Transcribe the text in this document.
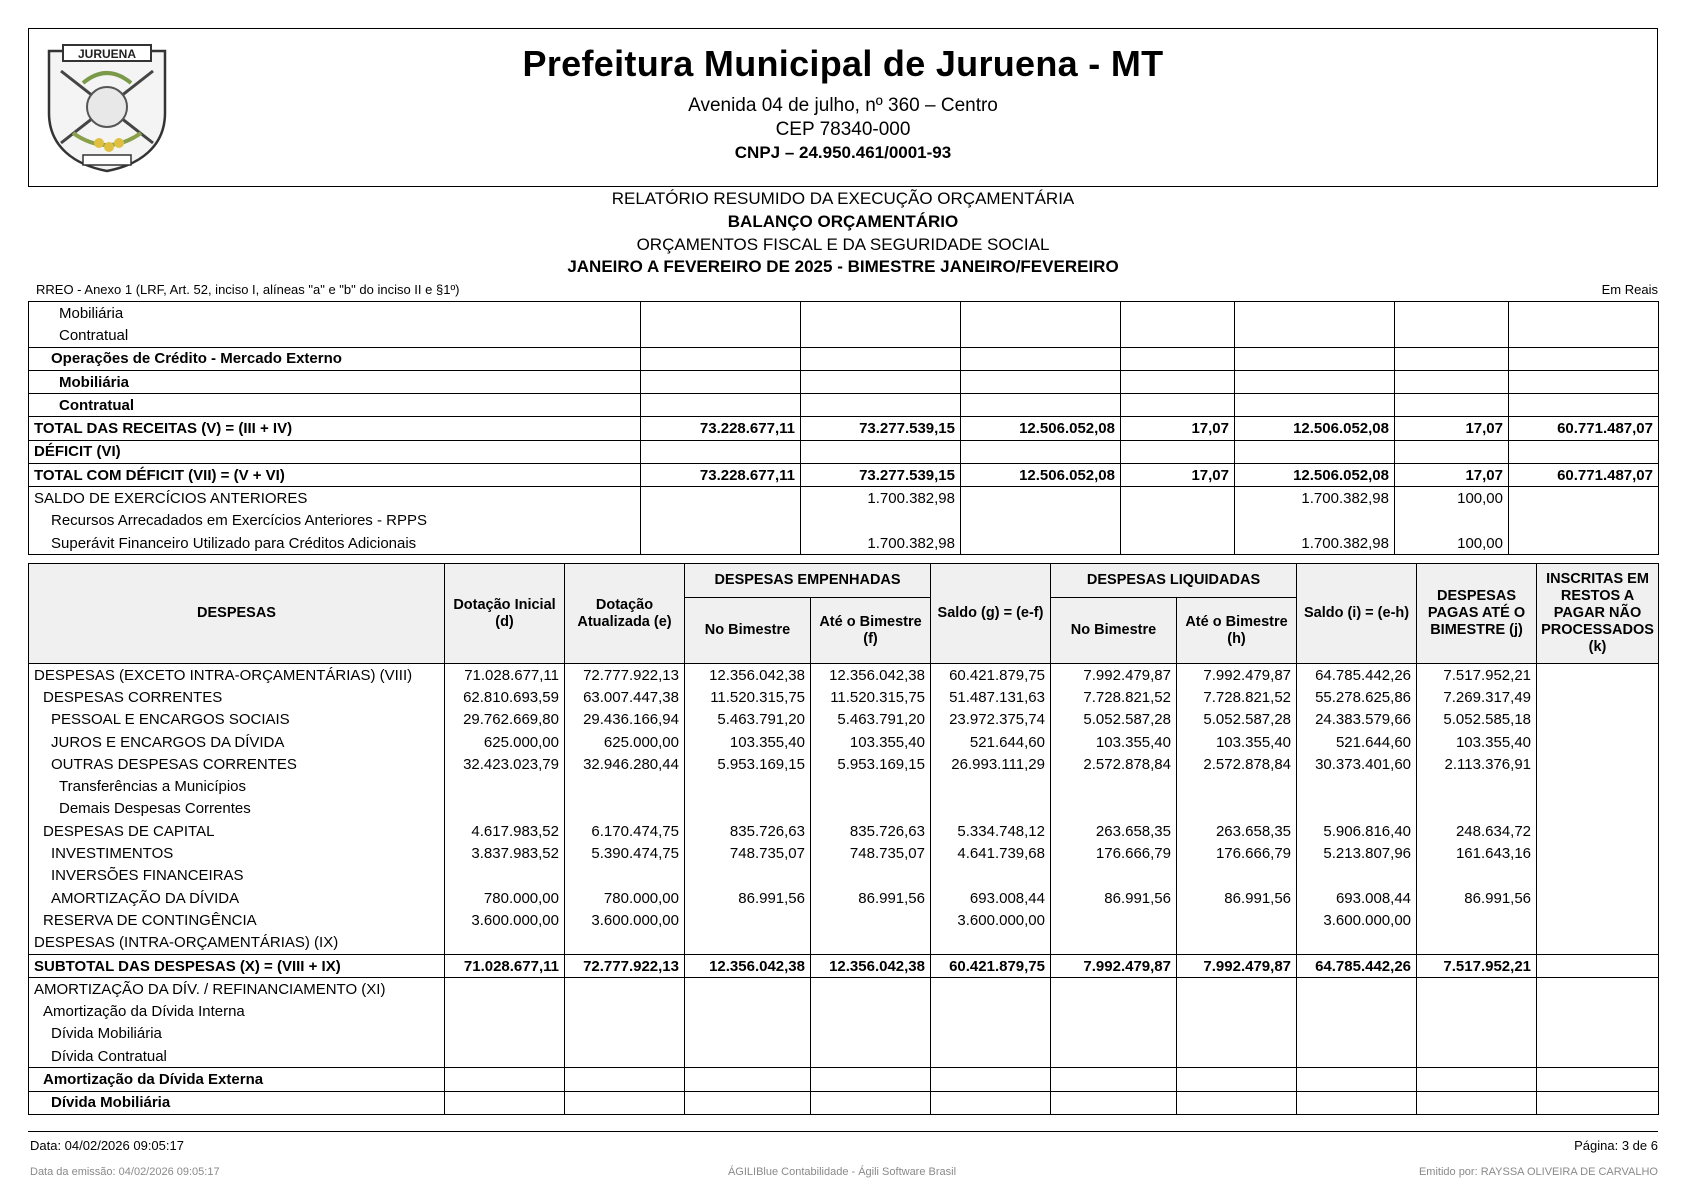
JURUENA	Prefeitura Municipal de Juruena - MT
Avenida 04 de julho, nº 360 – Centro
CEP 78340-000
CNPJ – 24.950.461/0001-93
RELATÓRIO RESUMIDO DA EXECUÇÃO ORÇAMENTÁRIA
BALANÇO ORÇAMENTÁRIO
ORÇAMENTOS FISCAL E DA SEGURIDADE SOCIAL
JANEIRO A FEVEREIRO DE 2025 - BIMESTRE JANEIRO/FEVEREIRO
RREO - Anexo 1 (LRF, Art. 52, inciso I, alíneas "a" e "b" do inciso II e §1º)	Em Reais
Mobiliária							
Contratual							
Operações de Crédito - Mercado Externo							
Mobiliária							
Contratual							
TOTAL DAS RECEITAS (V) = (III + IV)	73.228.677,11	73.277.539,15	12.506.052,08	17,07	12.506.052,08	17,07	60.771.487,07
DÉFICIT (VI)							
TOTAL COM DÉFICIT (VII) = (V + VI)	73.228.677,11	73.277.539,15	12.506.052,08	17,07	12.506.052,08	17,07	60.771.487,07
SALDO DE EXERCÍCIOS ANTERIORES		1.700.382,98			1.700.382,98	100,00	
Recursos Arrecadados em Exercícios Anteriores - RPPS							
Superávit Financeiro Utilizado para Créditos Adicionais		1.700.382,98			1.700.382,98	100,00	
DESPESAS	Dotação Inicial (d)	Dotação Atualizada (e)	DESPESAS EMPENHADAS		Saldo (g) = (e-f)	DESPESAS LIQUIDADAS		Saldo (i) = (e-h)	DESPESAS PAGAS ATÉ O BIMESTRE (j)	INSCRITAS EM RESTOS A PAGAR NÃO PROCESSADOS (k)
			No Bimestre	Até o Bimestre (f)		No Bimestre	Até o Bimestre (h)			
DESPESAS (EXCETO INTRA-ORÇAMENTÁRIAS) (VIII)	71.028.677,11	72.777.922,13	12.356.042,38	12.356.042,38	60.421.879,75	7.992.479,87	7.992.479,87	64.785.442,26	7.517.952,21	
DESPESAS CORRENTES	62.810.693,59	63.007.447,38	11.520.315,75	11.520.315,75	51.487.131,63	7.728.821,52	7.728.821,52	55.278.625,86	7.269.317,49	
PESSOAL E ENCARGOS SOCIAIS	29.762.669,80	29.436.166,94	5.463.791,20	5.463.791,20	23.972.375,74	5.052.587,28	5.052.587,28	24.383.579,66	5.052.585,18	
JUROS E ENCARGOS DA DÍVIDA	625.000,00	625.000,00	103.355,40	103.355,40	521.644,60	103.355,40	103.355,40	521.644,60	103.355,40	
OUTRAS DESPESAS CORRENTES	32.423.023,79	32.946.280,44	5.953.169,15	5.953.169,15	26.993.111,29	2.572.878,84	2.572.878,84	30.373.401,60	2.113.376,91	
Transferências a Municípios										
Demais Despesas Correntes										
DESPESAS DE CAPITAL	4.617.983,52	6.170.474,75	835.726,63	835.726,63	5.334.748,12	263.658,35	263.658,35	5.906.816,40	248.634,72	
INVESTIMENTOS	3.837.983,52	5.390.474,75	748.735,07	748.735,07	4.641.739,68	176.666,79	176.666,79	5.213.807,96	161.643,16	
INVERSÕES FINANCEIRAS										
AMORTIZAÇÃO DA DÍVIDA	780.000,00	780.000,00	86.991,56	86.991,56	693.008,44	86.991,56	86.991,56	693.008,44	86.991,56	
RESERVA DE CONTINGÊNCIA	3.600.000,00	3.600.000,00			3.600.000,00			3.600.000,00		
DESPESAS (INTRA-ORÇAMENTÁRIAS) (IX)										
SUBTOTAL DAS DESPESAS (X) = (VIII + IX)	71.028.677,11	72.777.922,13	12.356.042,38	12.356.042,38	60.421.879,75	7.992.479,87	7.992.479,87	64.785.442,26	7.517.952,21	
AMORTIZAÇÃO DA DÍV. / REFINANCIAMENTO (XI)										
Amortização da Dívida Interna										
Dívida Mobiliária										
Dívida Contratual										
Amortização da Dívida Externa										
Dívida Mobiliária										
Data: 04/02/2026 09:05:17	Página: 3 de 6
Data da emissão: 04/02/2026 09:05:17	ÁGILIBlue Contabilidade - Ágili Software Brasil	Emitido por: RAYSSA OLIVEIRA DE CARVALHO
